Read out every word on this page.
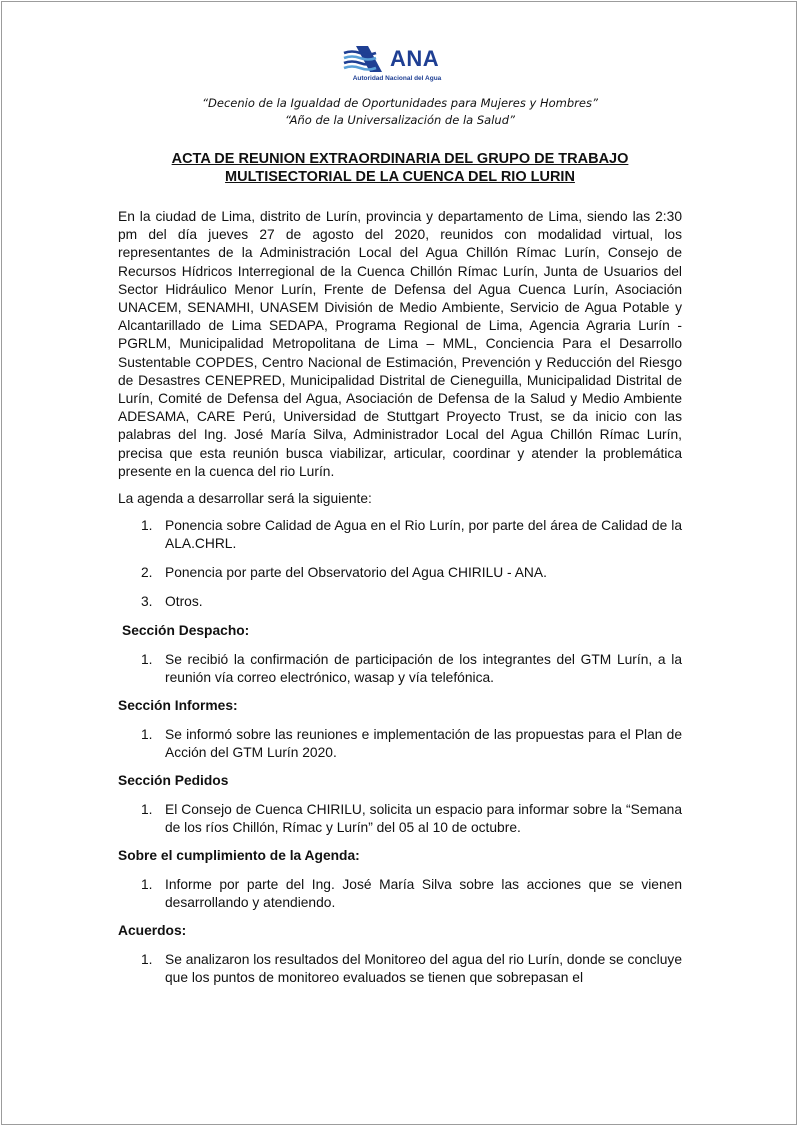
ANA
Autoridad Nacional del Agua
“Decenio de la Igualdad de Oportunidades para Mujeres y Hombres”
“Año de la Universalización de la Salud”
ACTA DE REUNION EXTRAORDINARIA DEL GRUPO DE TRABAJO
MULTISECTORIAL DE LA CUENCA DEL RIO LURIN
En la ciudad de Lima, distrito de Lurín, provincia y departamento de Lima, siendo las 2:30 pm del día jueves 27 de agosto del 2020, reunidos con modalidad virtual, los representantes de la Administración Local del Agua Chillón Rímac Lurín, Consejo de Recursos Hídricos Interregional de la Cuenca Chillón Rímac Lurín, Junta de Usuarios del Sector Hidráulico Menor Lurín, Frente de Defensa del Agua Cuenca Lurín, Asociación UNACEM, SENAMHI, UNASEM División de Medio Ambiente, Servicio de Agua Potable y Alcantarillado de Lima SEDAPA, Programa Regional de Lima, Agencia Agraria Lurín - PGRLM, Municipalidad Metropolitana de Lima – MML, Conciencia Para el Desarrollo Sustentable COPDES, Centro Nacional de Estimación, Prevención y Reducción del Riesgo de Desastres CENEPRED, Municipalidad Distrital de Cieneguilla, Municipalidad Distrital de Lurín, Comité de Defensa del Agua, Asociación de Defensa de la Salud y Medio Ambiente ADESAMA, CARE Perú, Universidad de Stuttgart Proyecto Trust, se da inicio con las palabras del Ing. José María Silva, Administrador Local del Agua Chillón Rímac Lurín, precisa que esta reunión busca viabilizar, articular, coordinar y atender la problemática presente en la cuenca del rio Lurín.
La agenda a desarrollar será la siguiente:
1. Ponencia sobre Calidad de Agua en el Rio Lurín, por parte del área de Calidad de la ALA.CHRL.
2. Ponencia por parte del Observatorio del Agua CHIRILU - ANA.
3. Otros.
Sección Despacho:
1. Se recibió la confirmación de participación de los integrantes del GTM Lurín, a la reunión vía correo electrónico, wasap y vía telefónica.
Sección Informes:
1. Se informó sobre las reuniones e implementación de las propuestas para el Plan de Acción del GTM Lurín 2020.
Sección Pedidos
1. El Consejo de Cuenca CHIRILU, solicita un espacio para informar sobre la “Semana de los ríos Chillón, Rímac y Lurín” del 05 al 10 de octubre.
Sobre el cumplimiento de la Agenda:
1. Informe por parte del Ing. José María Silva sobre las acciones que se vienen desarrollando y atendiendo.
Acuerdos:
1. Se analizaron los resultados del Monitoreo del agua del rio Lurín, donde se concluye que los puntos de monitoreo evaluados se tienen que sobrepasan el
